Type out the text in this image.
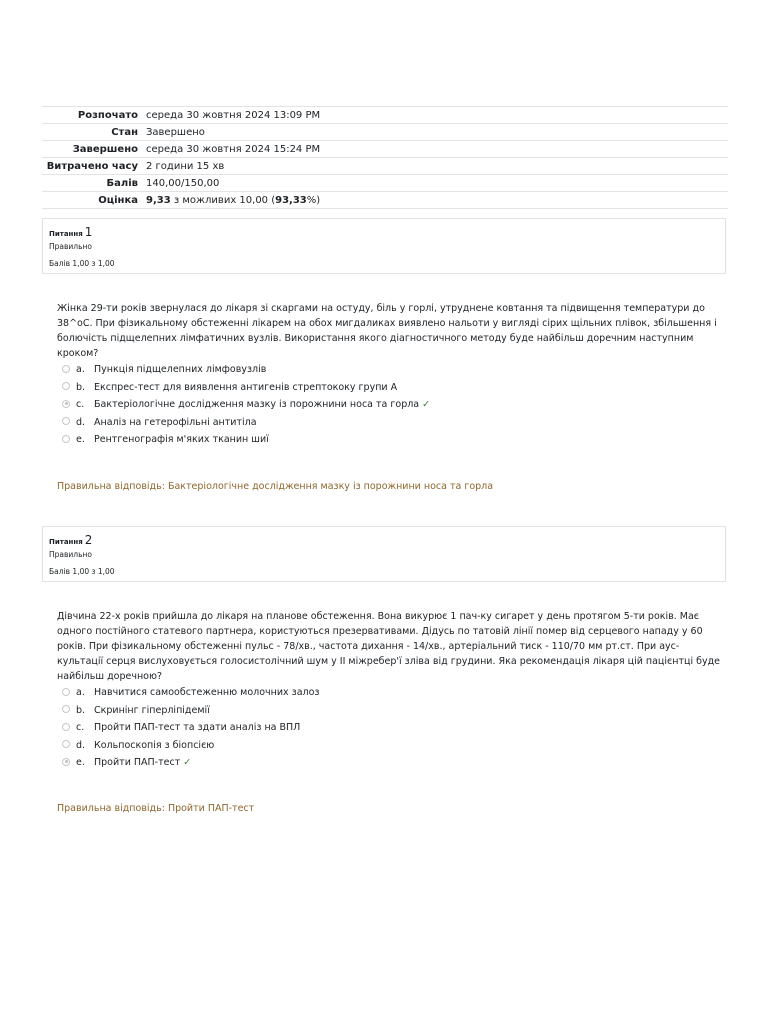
Розпочато	середа 30 жовтня 2024 13:09 PM
Стан	Завершено
Завершено	середа 30 жовтня 2024 15:24 PM
Витрачено часу	2 години 15 хв
Балів	140,00/150,00
Оцінка	9,33 з можливих 10,00 (93,33%)
Питання 1
Правильно
Балів 1,00 з 1,00

Жінка 29-ти років звернулася до лікаря зі скаргами на остуду, біль у горлі, утруднене ковтання та підвищення температури до 38^oC. При фізикальному обстеженні лікарем на обох мигдаликах виявлено нальоти у вигляді сірих щільних плівок, збільшення і болючість підщелепних лімфатичних вузлів. Використання якого діагностичного методу буде найбільш доречним наступним кроком?

a. Пункція підщелепних лімфовузлів
b. Експрес-тест для виявлення антигенів стрептококу групи А
c. Бактеріологічне дослідження мазку із порожнини носа та горла ✓
d. Аналіз на гетерофільні антитіла
e. Рентгенографія м'яких тканин шиї
Правильна відповідь: Бактеріологічне дослідження мазку із порожнини носа та горла
Питання 2
Правильно
Балів 1,00 з 1,00

Дівчина 22-х років прийшла до лікаря на планове обстеження. Вона викурює 1 пач-ку сигарет у день протягом 5-ти років. Має одного постійного статевого партнера, користуються презервативами. Дідусь по татовій лінії помер від серцевого нападу у 60 років. При фізикальному обстеженні пульс - 78/хв., частота дихання - 14/хв., артеріальний тиск - 110/70 мм рт.ст. При аус-культації серця вислуховується голосистолічний шум у ІІ міжребер'ї зліва від грудини. Яка рекомендація лікаря цій пацієнтці буде найбільш доречною?

a. Навчитися самообстеженню молочних залоз
b. Скринінг гіперліпідемії
c. Пройти ПАП-тест та здати аналіз на ВПЛ
d. Кольпоскопія з біопсією
e. Пройти ПАП-тест ✓
Правильна відповідь: Пройти ПАП-тест
